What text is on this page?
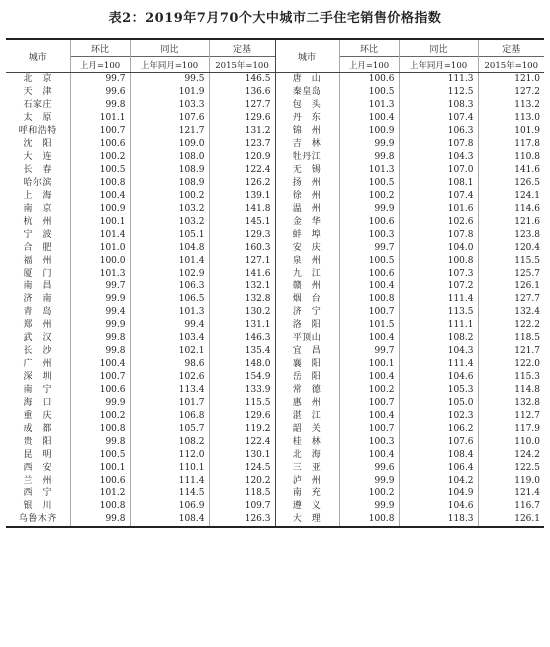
表2：2019年7月70个大中城市二手住宅销售价格指数
城市	环比	同比	定基	城市	环比	同比	定基
	上月=100	上年同月=100	2015年=100		上月=100	上年同月=100	2015年=100
北　京	99.7	99.5	146.5	唐　山	100.6	111.3	121.0
天　津	99.6	101.9	136.6	秦皇岛	100.5	112.5	127.2
石家庄	99.8	103.3	127.7	包　头	101.3	108.3	113.2
太　原	101.1	107.6	129.6	丹　东	100.4	107.4	113.0
呼和浩特	100.7	121.7	131.2	锦　州	100.9	106.3	101.9
沈　阳	100.6	109.0	123.7	吉　林	99.9	107.8	117.8
大　连	100.2	108.0	120.9	牡丹江	99.8	104.3	110.8
长　春	100.5	108.9	122.4	无　锡	101.3	107.0	141.6
哈尔滨	100.8	108.9	126.2	扬　州	100.5	108.1	126.5
上　海	100.4	100.2	139.1	徐　州	100.2	107.4	124.1
南　京	100.9	103.2	141.8	温　州	99.9	101.6	114.6
杭　州	100.1	103.2	145.1	金　华	100.6	102.6	121.6
宁　波	101.4	105.1	129.3	蚌　埠	100.3	107.8	123.8
合　肥	101.0	104.8	160.3	安　庆	99.7	104.0	120.4
福　州	100.0	101.4	127.1	泉　州	100.5	100.8	115.5
厦　门	101.3	102.9	141.6	九　江	100.6	107.3	125.7
南　昌	99.7	106.3	132.1	赣　州	100.4	107.2	126.1
济　南	99.9	106.5	132.8	烟　台	100.8	111.4	127.7
青　岛	99.4	101.3	130.2	济　宁	100.7	113.5	132.4
郑　州	99.9	99.4	131.1	洛　阳	101.5	111.1	122.2
武　汉	99.8	103.4	146.3	平顶山	100.4	108.2	118.5
长　沙	99.8	102.1	135.4	宜　昌	99.7	104.3	121.7
广　州	100.4	98.6	148.0	襄　阳	100.1	111.4	122.0
深　圳	100.7	102.6	154.9	岳　阳	100.4	104.6	115.3
南　宁	100.6	113.4	133.9	常　德	100.2	105.3	114.8
海　口	99.9	101.7	115.5	惠　州	100.7	105.0	132.8
重　庆	100.2	106.8	129.6	湛　江	100.4	102.3	112.7
成　都	100.8	105.7	119.2	韶　关	100.7	106.2	117.9
贵　阳	99.8	108.2	122.4	桂　林	100.3	107.6	110.0
昆　明	100.5	112.0	130.1	北　海	100.4	108.4	124.2
西　安	100.1	110.1	124.5	三　亚	99.6	106.4	122.5
兰　州	100.6	111.4	120.2	泸　州	99.9	104.2	119.0
西　宁	101.2	114.5	118.5	南　充	100.2	104.9	121.4
银　川	100.8	106.9	109.7	遵　义	99.9	104.6	116.7
乌鲁木齐	99.8	108.4	126.3	大　理	100.8	118.3	126.1
